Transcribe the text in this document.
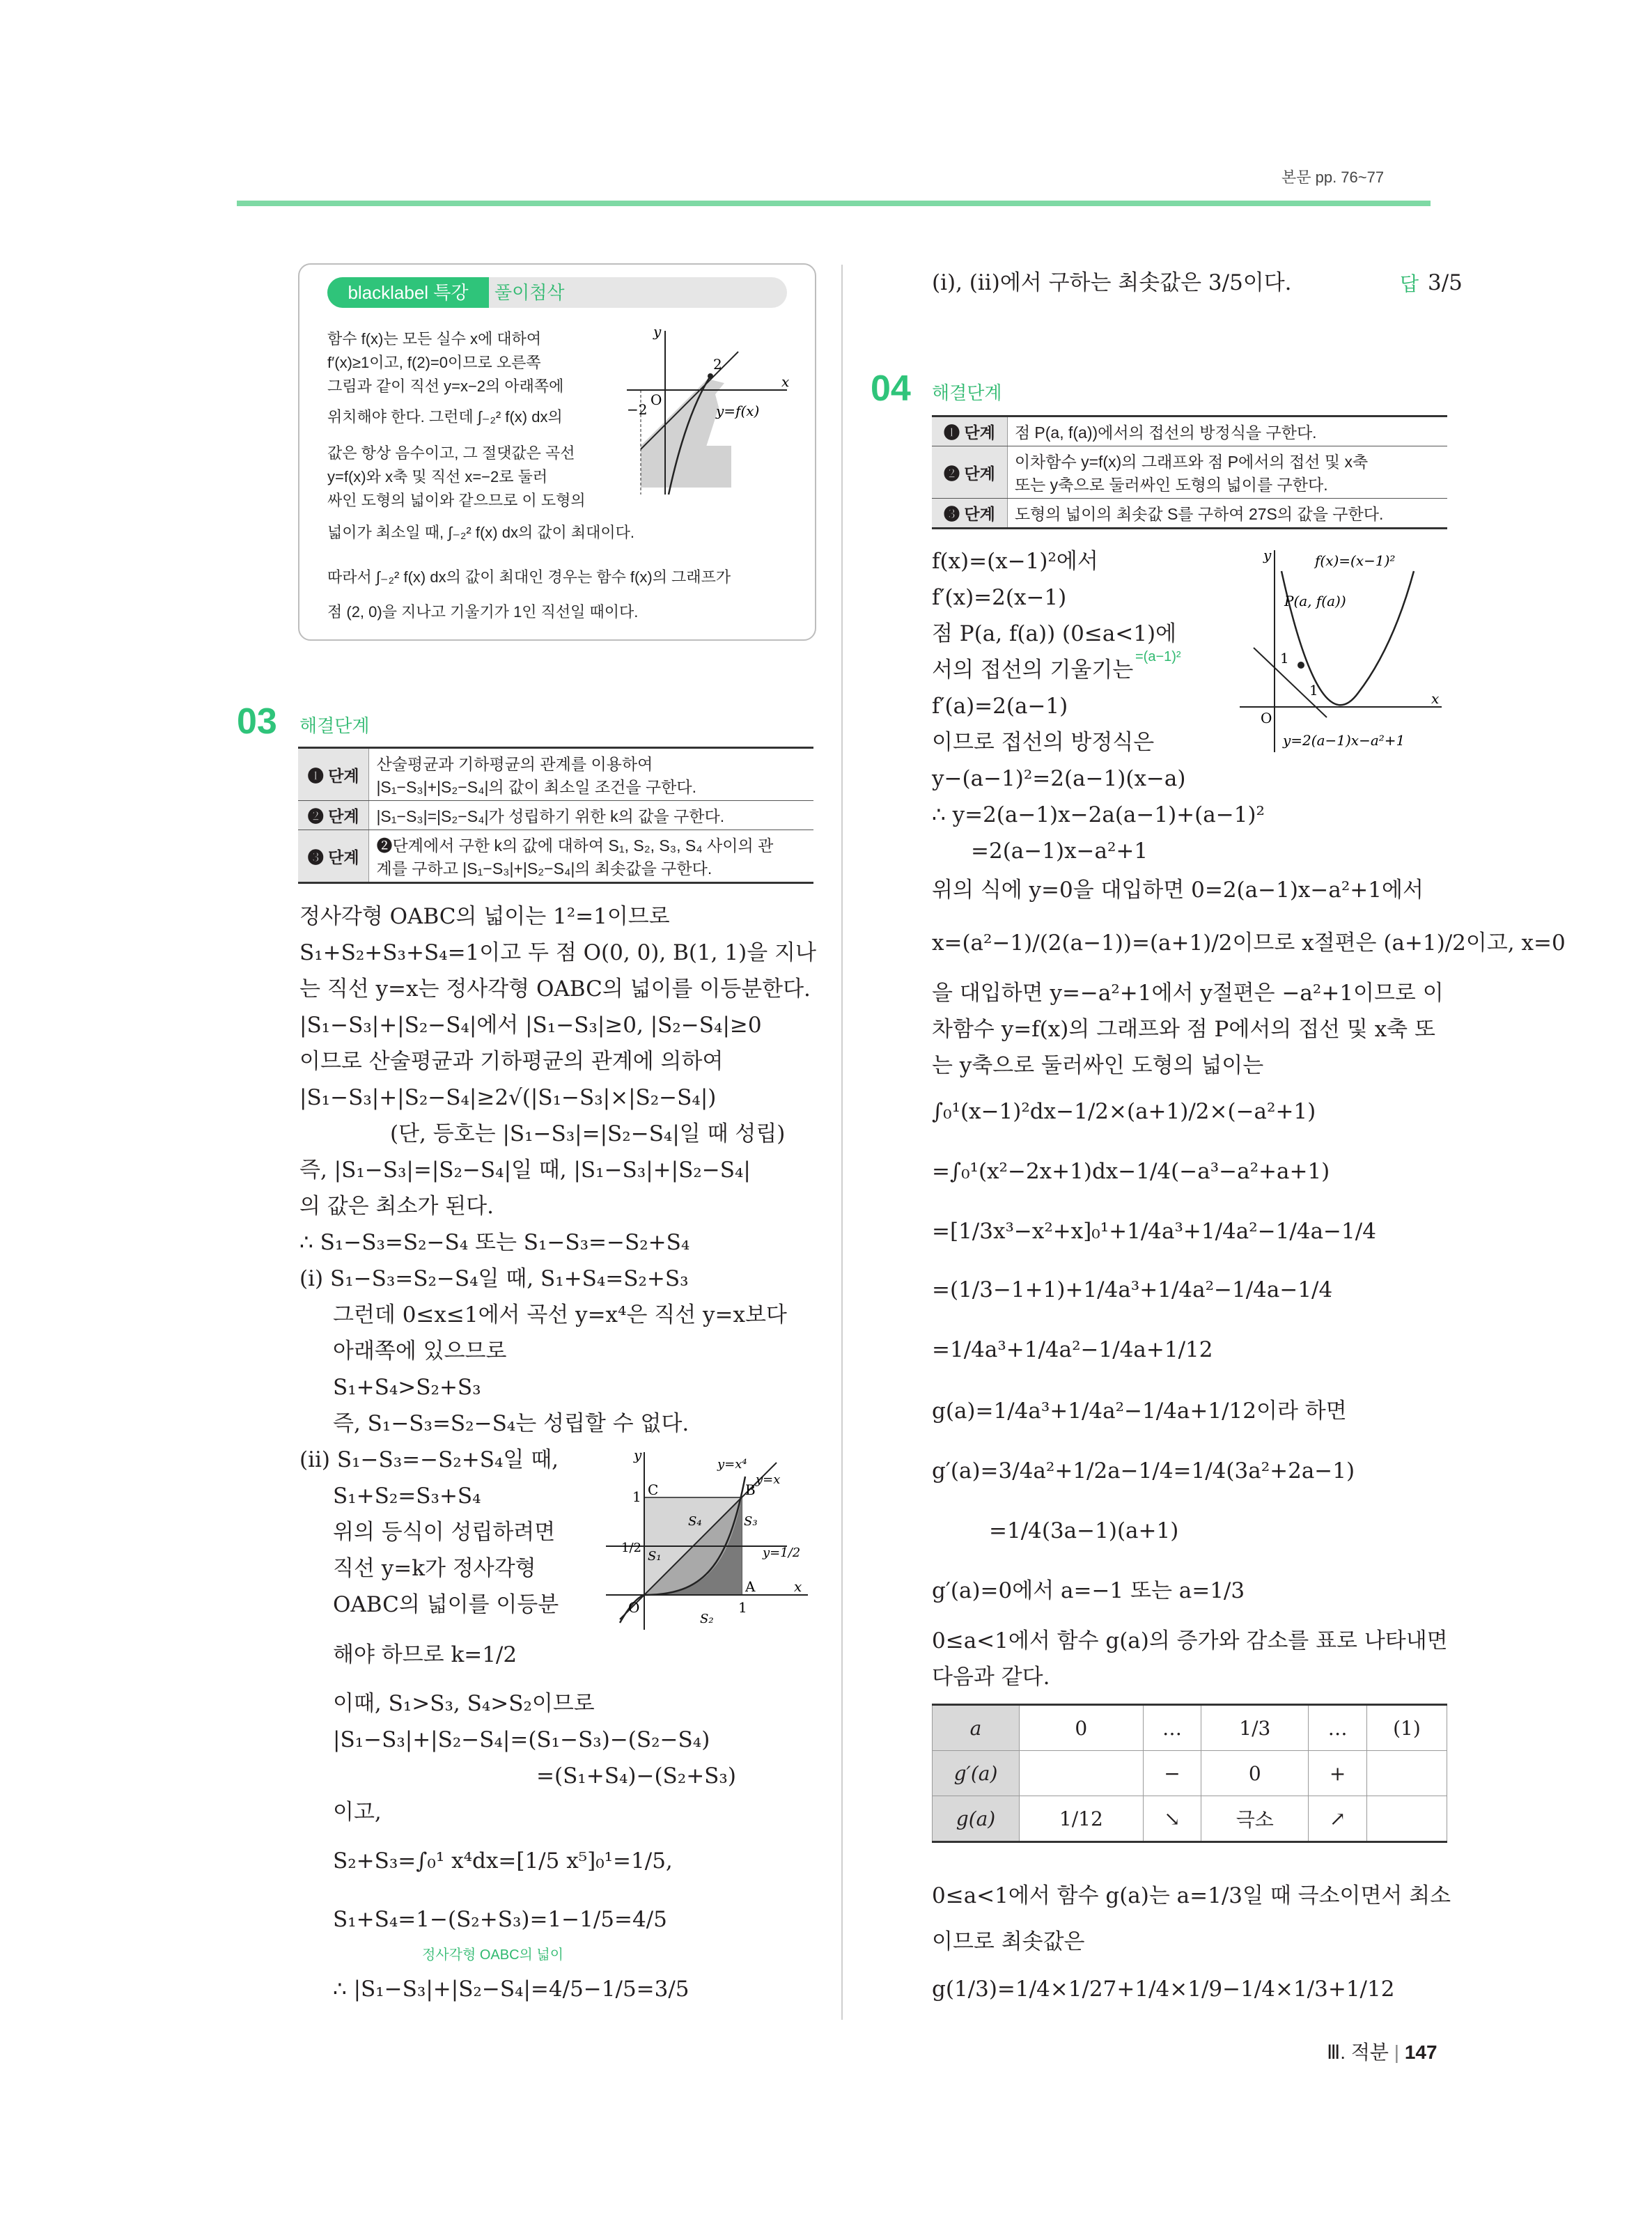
본문 pp. 76~77
blacklabel 특강	풀이첨삭
함수 f(x)는 모든 실수 x에 대하여
f′(x)≥1이고, f(2)=0이므로 오른쪽
그림과 같이 직선 y=x−2의 아래쪽에
위치해야 한다. 그런데 ∫₋₂² f(x) dx의
값은 항상 음수이고, 그 절댓값은 곡선
y=f(x)와 x축 및 직선 x=−2로 둘러
싸인 도형의 넓이와 같으므로 이 도형의
넓이가 최소일 때, ∫₋₂² f(x) dx의 값이 최대이다.
따라서 ∫₋₂² f(x) dx의 값이 최대인 경우는 함수 f(x)의 그래프가
점 (2, 0)을 지나고 기울기가 1인 직선일 때이다.
y
x
O
2
−2	y=f(x)
03 해결단계
❶ 단계	산술평균과 기하평균의 관계를 이용하여
|S₁−S₃|+|S₂−S₄|의 값이 최소일 조건을 구한다.

❷ 단계	|S₁−S₃|=|S₂−S₄|가 성립하기 위한 k의 값을 구한다.
❸ 단계	❷단계에서 구한 k의 값에 대하여 S₁, S₂, S₃, S₄ 사이의 관
계를 구하고 |S₁−S₃|+|S₂−S₄|의 최솟값을 구한다.
정사각형 OABC의 넓이는 1²=1이므로
S₁+S₂+S₃+S₄=1이고 두 점 O(0, 0), B(1, 1)을 지나
는 직선 y=x는 정사각형 OABC의 넓이를 이등분한다.
|S₁−S₃|+|S₂−S₄|에서 |S₁−S₃|≥0, |S₂−S₄|≥0
이므로 산술평균과 기하평균의 관계에 의하여
|S₁−S₃|+|S₂−S₄|≥2√(|S₁−S₃|×|S₂−S₄|)
(단, 등호는 |S₁−S₃|=|S₂−S₄|일 때 성립)
즉, |S₁−S₃|=|S₂−S₄|일 때, |S₁−S₃|+|S₂−S₄|
의 값은 최소가 된다.
∴ S₁−S₃=S₂−S₄ 또는 S₁−S₃=−S₂+S₄
(ⅰ) S₁−S₃=S₂−S₄일 때, S₁+S₄=S₂+S₃
그런데 0≤x≤1에서 곡선 y=x⁴은 직선 y=x보다
아래쪽에 있으므로
S₁+S₄>S₂+S₃
즉, S₁−S₃=S₂−S₄는 성립할 수 없다.
(ⅱ) S₁−S₃=−S₂+S₄일 때,
S₁+S₂=S₃+S₄
위의 등식이 성립하려면
직선 y=k가 정사각형
OABC의 넓이를 이등분
해야 하므로 k=1/2
이때, S₁>S₃, S₄>S₂이므로
|S₁−S₃|+|S₂−S₄|=(S₁−S₃)−(S₂−S₄)
=(S₁+S₄)−(S₂+S₃)
이고,
S₂+S₃=∫₀¹ x⁴dx=[1/5 x⁵]₀¹=1/5,
S₁+S₄=1−(S₂+S₃)=1−1/5=4/5
정사각형 OABC의 넓이
∴ |S₁−S₃|+|S₂−S₄|=4/5−1/5=3/5
y
x
O	1
1
1/2
C	B
A
S₁
S₂
S₃
S₄
y=x⁴
y=x
y=1/2
(ⅰ), (ⅱ)에서 구하는 최솟값은 3/5이다.	답 3/5
04 해결단계
❶ 단계	점 P(a, f(a))에서의 접선의 방정식을 구한다.
❷ 단계	이차함수 y=f(x)의 그래프와 점 P에서의 접선 및 x축
또는 y축으로 둘러싸인 도형의 넓이를 구한다.

❸ 단계	도형의 넓이의 최솟값 S를 구하여 27S의 값을 구한다.
f(x)=(x−1)²에서
f′(x)=2(x−1)
점 P(a, f(a)) (0≤a<1)에
서의 접선의 기울기는
=(a−1)²
f′(a)=2(a−1)
이므로 접선의 방정식은
y−(a−1)²=2(a−1)(x−a)
∴ y=2(a−1)x−2a(a−1)+(a−1)²
=2(a−1)x−a²+1
위의 식에 y=0을 대입하면 0=2(a−1)x−a²+1에서
x=(a²−1)/(2(a−1))=(a+1)/2이므로 x절편은 (a+1)/2이고, x=0
을 대입하면 y=−a²+1에서 y절편은 −a²+1이므로 이
차함수 y=f(x)의 그래프와 점 P에서의 접선 및 x축 또
는 y축으로 둘러싸인 도형의 넓이는
∫₀¹(x−1)²dx−1/2×(a+1)/2×(−a²+1)
=∫₀¹(x²−2x+1)dx−1/4(−a³−a²+a+1)
=[1/3x³−x²+x]₀¹+1/4a³+1/4a²−1/4a−1/4
=(1/3−1+1)+1/4a³+1/4a²−1/4a−1/4
=1/4a³+1/4a²−1/4a+1/12
g(a)=1/4a³+1/4a²−1/4a+1/12이라 하면
g′(a)=3/4a²+1/2a−1/4=1/4(3a²+2a−1)
=1/4(3a−1)(a+1)
g′(a)=0에서 a=−1 또는 a=1/3
0≤a<1에서 함수 g(a)의 증가와 감소를 표로 나타내면
다음과 같다.
a	0	…	1/3	…	(1)
g′(a)		−	0	+	
g(a)	1/12	↘	극소	↗	
0≤a<1에서 함수 g(a)는 a=1/3일 때 극소이면서 최소
이므로 최솟값은
g(1/3)=1/4×1/27+1/4×1/9−1/4×1/3+1/12
y
x
O
1
1
f(x)=(x−1)²
P(a, f(a))
y=2(a−1)x−a²+1
Ⅲ. 적분 | 147
